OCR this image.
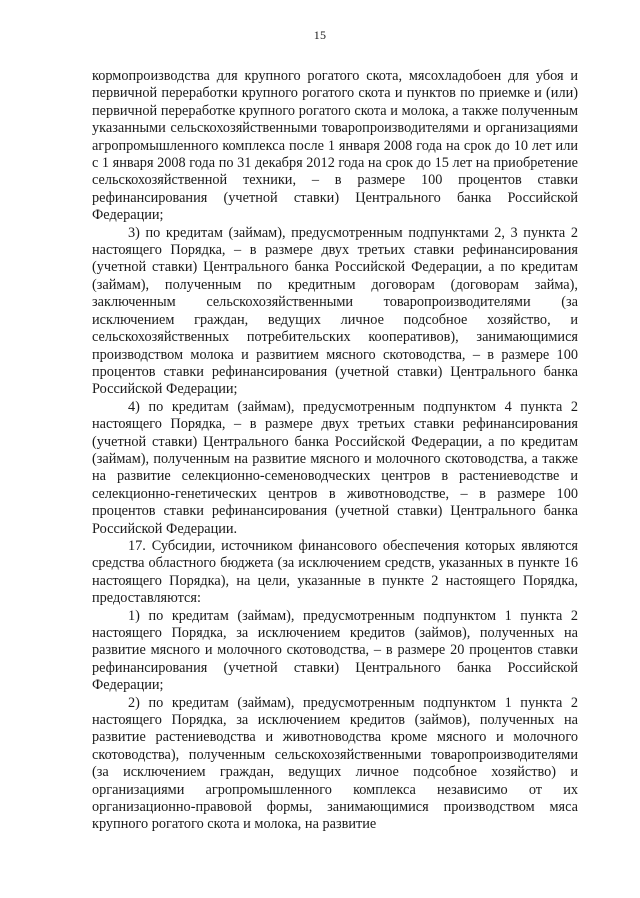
15

кормопроизводства для крупного рогатого скота, мясохладобоен для убоя и первичной переработки крупного рогатого скота и пунктов по приемке и (или) первичной переработке крупного рогатого скота и молока, а также полученным указанными сельскохозяйственными товаропроизводителями и организациями агропромышленного комплекса после 1 января 2008 года на срок до 10 лет или с 1 января 2008 года по 31 декабря 2012 года на срок до 15 лет на приобретение сельскохозяйственной техники, – в размере 100 процентов ставки рефинансирования (учетной ставки) Центрального банка Российской Федерации;

3) по кредитам (займам), предусмотренным подпунктами 2, 3 пункта 2 настоящего Порядка, – в размере двух третьих ставки рефинансирования (учетной ставки) Центрального банка Российской Федерации, а по кредитам (займам), полученным по кредитным договорам (договорам займа), заключенным сельскохозяйственными товаропроизводителями (за исключением граждан, ведущих личное подсобное хозяйство, и сельскохозяйственных потребительских кооперативов), занимающимися производством молока и развитием мясного скотоводства, – в размере 100 процентов ставки рефинансирования (учетной ставки) Центрального банка Российской Федерации;

4) по кредитам (займам), предусмотренным подпунктом 4 пункта 2 настоящего Порядка, – в размере двух третьих ставки рефинансирования (учетной ставки) Центрального банка Российской Федерации, а по кредитам (займам), полученным на развитие мясного и молочного скотоводства, а также на развитие селекционно-семеноводческих центров в растениеводстве и селекционно-генетических центров в животноводстве, – в размере 100 процентов ставки рефинансирования (учетной ставки) Центрального банка Российской Федерации.

17. Субсидии, источником финансового обеспечения которых являются средства областного бюджета (за исключением средств, указанных в пункте 16 настоящего Порядка), на цели, указанные в пункте 2 настоящего Порядка, предоставляются:

1) по кредитам (займам), предусмотренным подпунктом 1 пункта 2 настоящего Порядка, за исключением кредитов (займов), полученных на развитие мясного и молочного скотоводства, – в размере 20 процентов ставки рефинансирования (учетной ставки) Центрального банка Российской Федерации;

2) по кредитам (займам), предусмотренным подпунктом 1 пункта 2 настоящего Порядка, за исключением кредитов (займов), полученных на развитие растениеводства и животноводства кроме мясного и молочного скотоводства), полученным сельскохозяйственными товаропроизводителями (за исключением граждан, ведущих личное подсобное хозяйство) и организациями агропромышленного комплекса независимо от их организационно-правовой формы, занимающимися производством мяса крупного рогатого скота и молока, на развитие
